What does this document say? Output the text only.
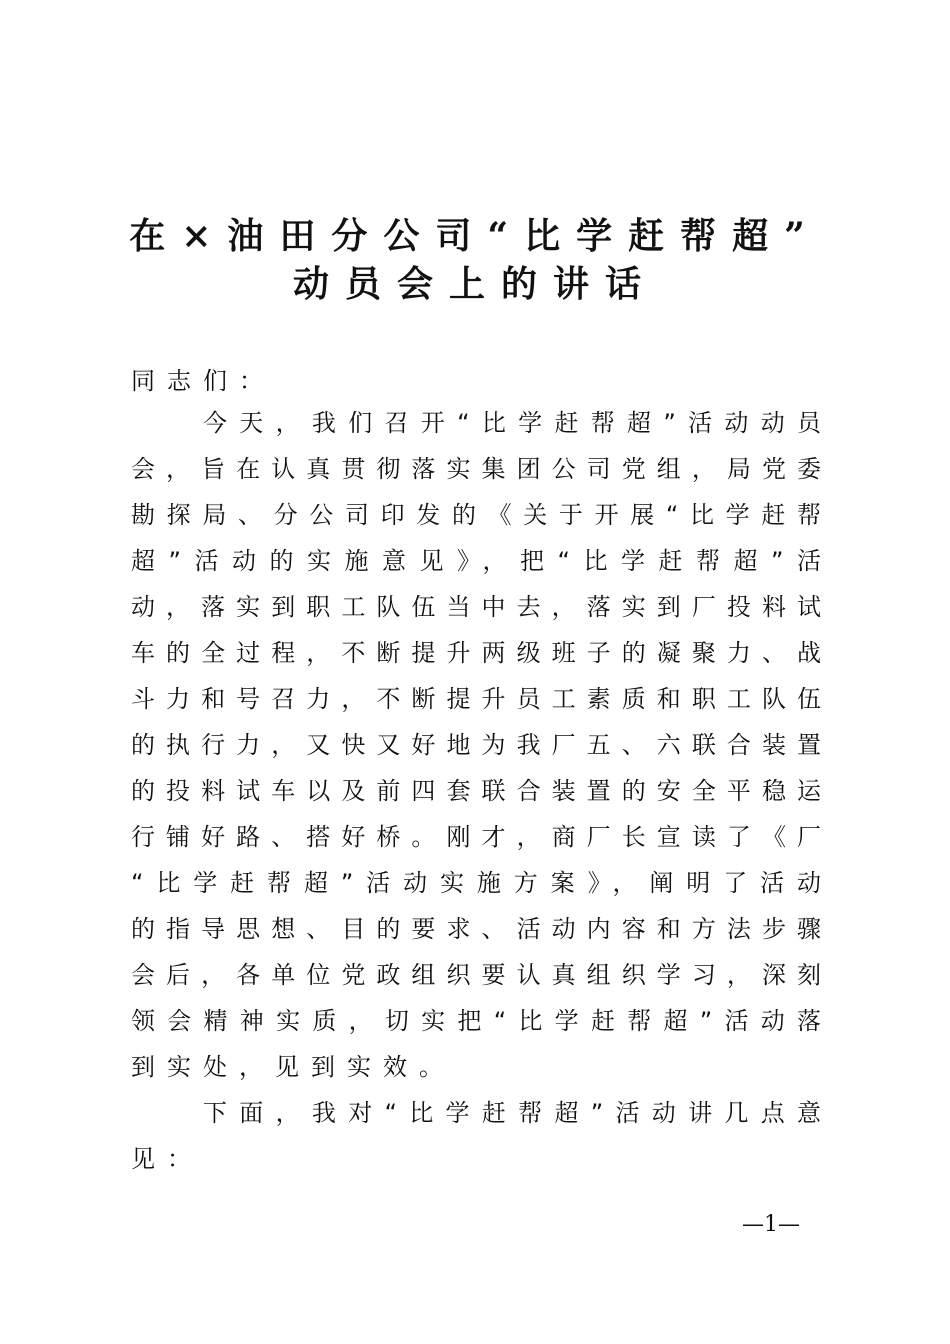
在×油田分公司“比学赶帮超”
动员会上的讲话
同志们：
今天，我们召开“比学赶帮超”活动动员
会，旨在认真贯彻落实集团公司党组，局党委
勘探局、分公司印发的《关于开展“比学赶帮
超”活动的实施意见》，把“比学赶帮超”活
动，落实到职工队伍当中去，落实到厂投料试
车的全过程，不断提升两级班子的凝聚力、战
斗力和号召力，不断提升员工素质和职工队伍
的执行力，又快又好地为我厂五、六联合装置
的投料试车以及前四套联合装置的安全平稳运
行铺好路、搭好桥。刚才，商厂长宣读了《厂
“比学赶帮超”活动实施方案》，阐明了活动
的指导思想、目的要求、活动内容和方法步骤
会后，各单位党政组织要认真组织学习，深刻
领会精神实质，切实把“比学赶帮超”活动落
到实处，见到实效。
下面，我对“比学赶帮超”活动讲几点意
见：
—1—
